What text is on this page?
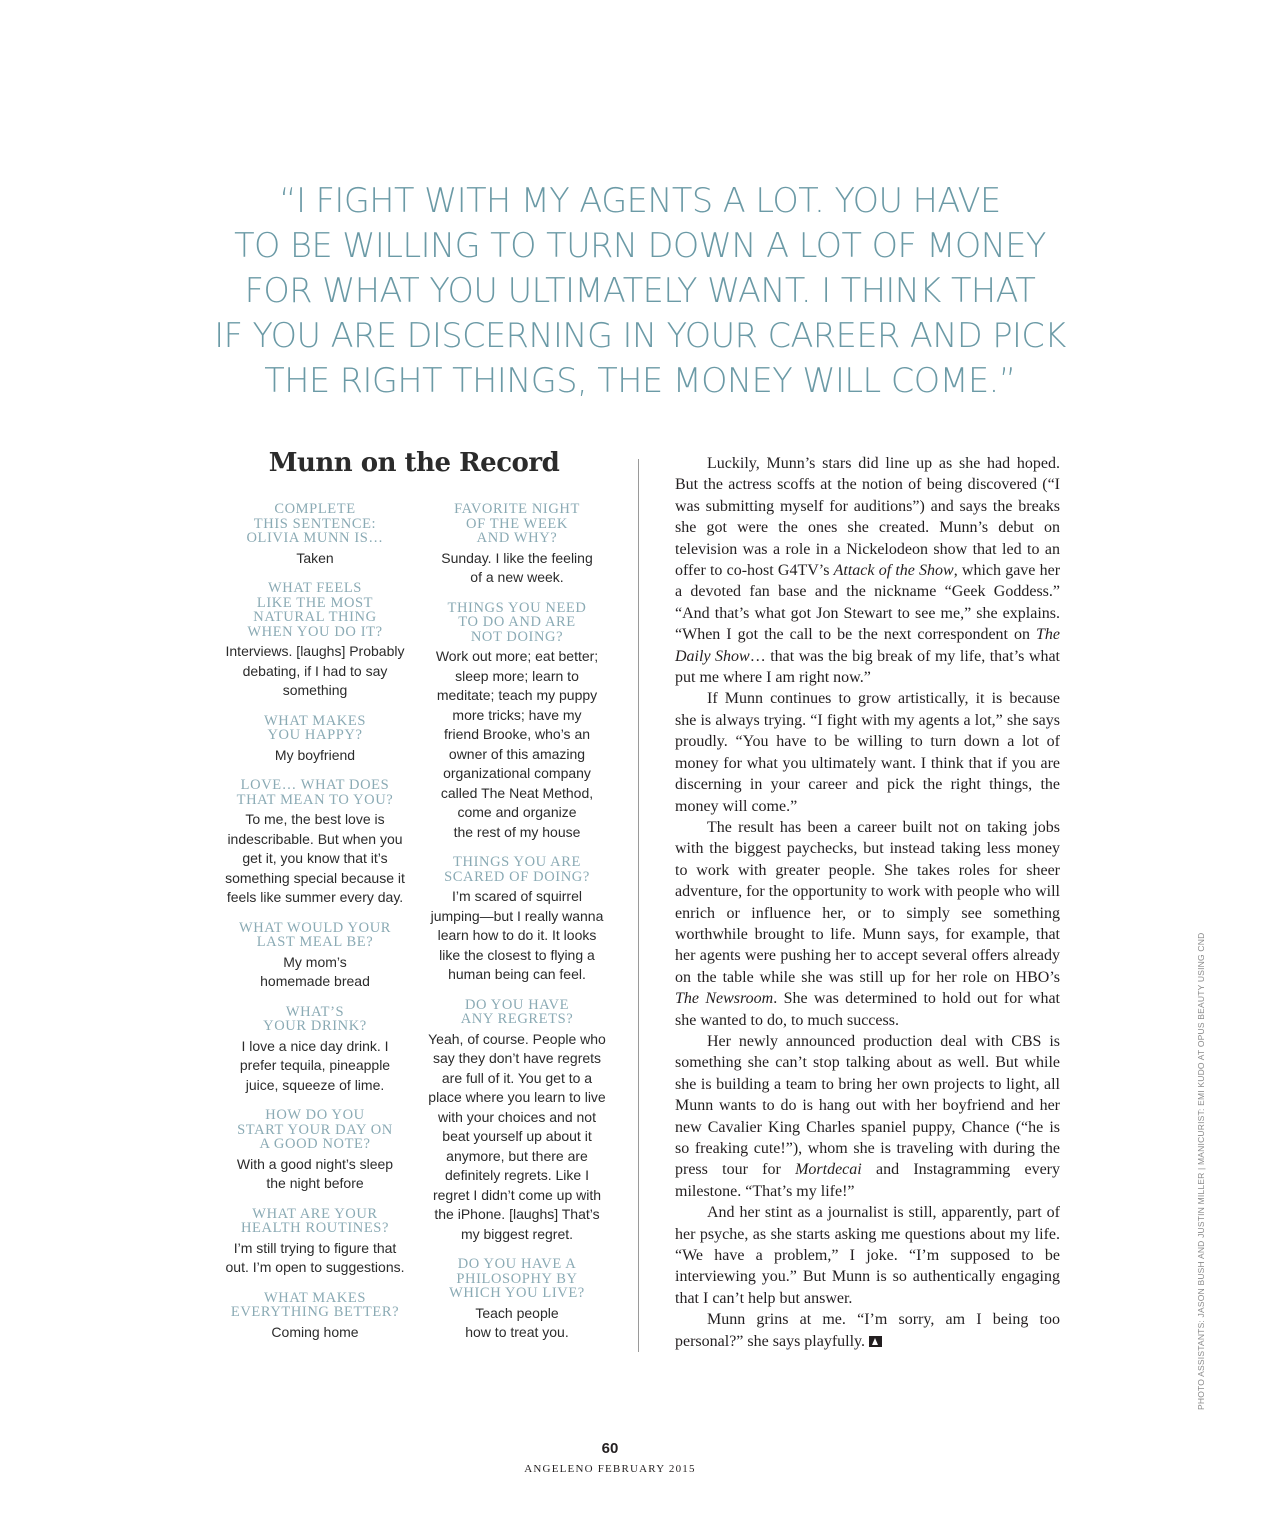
“I FIGHT WITH MY AGENTS A LOT. YOU HAVE
TO BE WILLING TO TURN DOWN A LOT OF MONEY
FOR WHAT YOU ULTIMATELY WANT. I THINK THAT
IF YOU ARE DISCERNING IN YOUR CAREER AND PICK
THE RIGHT THINGS, THE MONEY WILL COME.”
Munn on the Record
COMPLETE
THIS SENTENCE:
OLIVIA MUNN IS…
Taken
WHAT FEELS
LIKE THE MOST
NATURAL THING
WHEN YOU DO IT?
Interviews. [laughs] Probably
debating, if I had to say
something
WHAT MAKES
YOU HAPPY?
My boyfriend
LOVE… WHAT DOES
THAT MEAN TO YOU?
To me, the best love is
indescribable. But when you
get it, you know that it’s
something special because it
feels like summer every day.
WHAT WOULD YOUR
LAST MEAL BE?
My mom’s
homemade bread
WHAT’S
YOUR DRINK?
I love a nice day drink. I
prefer tequila, pineapple
juice, squeeze of lime.
HOW DO YOU
START YOUR DAY ON
A GOOD NOTE?
With a good night’s sleep
the night before
WHAT ARE YOUR
HEALTH ROUTINES?
I’m still trying to figure that
out. I’m open to suggestions.
WHAT MAKES
EVERYTHING BETTER?
Coming home
FAVORITE NIGHT
OF THE WEEK
AND WHY?
Sunday. I like the feeling
of a new week.
THINGS YOU NEED
TO DO AND ARE
NOT DOING?
Work out more; eat better;
sleep more; learn to
meditate; teach my puppy
more tricks; have my
friend Brooke, who’s an
owner of this amazing
organizational company
called The Neat Method,
come and organize
the rest of my house
THINGS YOU ARE
SCARED OF DOING?
I’m scared of squirrel
jumping—but I really wanna
learn how to do it. It looks
like the closest to flying a
human being can feel.
DO YOU HAVE
ANY REGRETS?
Yeah, of course. People who
say they don’t have regrets
are full of it. You get to a
place where you learn to live
with your choices and not
beat yourself up about it
anymore, but there are
definitely regrets. Like I
regret I didn’t come up with
the iPhone. [laughs] That’s
my biggest regret.
DO YOU HAVE A
PHILOSOPHY BY
WHICH YOU LIVE?
Teach people
how to treat you.

Luckily, Munn’s stars did line up as she had hoped. But the actress scoffs at the notion of being discovered (“I was submitting myself for auditions”) and says the breaks she got were the ones she created. Munn’s debut on television was a role in a Nickelodeon show that led to an offer to co-host G4TV’s Attack of the Show, which gave her a devoted fan base and the nickname “Geek Goddess.” “And that’s what got Jon Stewart to see me,” she explains. “When I got the call to be the next correspondent on The Daily Show… that was the big break of my life, that’s what put me where I am right now.”

If Munn continues to grow artistically, it is because she is always trying. “I fight with my agents a lot,” she says proudly. “You have to be willing to turn down a lot of money for what you ultimately want. I think that if you are discerning in your career and pick the right things, the money will come.”

The result has been a career built not on taking jobs with the biggest paychecks, but instead taking less money to work with greater people. She takes roles for sheer adventure, for the opportunity to work with people who will enrich or influence her, or to simply see something worthwhile brought to life. Munn says, for example, that her agents were pushing her to accept several offers already on the table while she was still up for her role on HBO’s The Newsroom. She was determined to hold out for what she wanted to do, to much success.

Her newly announced production deal with CBS is something she can’t stop talking about as well. But while she is building a team to bring her own projects to light, all Munn wants to do is hang out with her boyfriend and her new Cavalier King Charles spaniel puppy, Chance (“he is so freaking cute!”), whom she is traveling with during the press tour for Mortdecai and Instagramming every milestone. “That’s my life!”

And her stint as a journalist is still, apparently, part of her psyche, as she starts asking me questions about my life. “We have a problem,” I joke. “I’m supposed to be interviewing you.” But Munn is so authentically engaging that I can’t help but answer.

Munn grins at me. “I’m sorry, am I being too personal?” she says playfully.	PHOTO ASSISTANTS: JASON BUSH AND JUSTIN MILLER | MANICURIST: EMI KUDO AT OPUS BEAUTY USING CND
60
ANGELENO FEBRUARY 2015
